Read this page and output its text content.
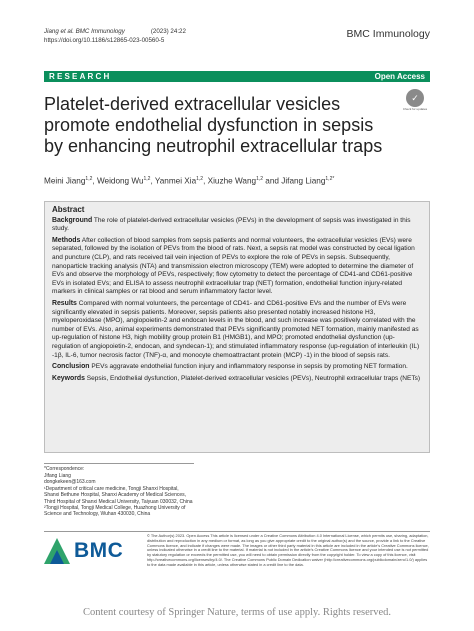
Jiang et al. BMC Immunology	(2023) 24:22
https://doi.org/10.1186/s12865-023-00560-5	BMC Immunology
RESEARCH	Open Access
✓
Check for updates
Platelet-derived extracellular vesicles promote endothelial dysfunction in sepsis by enhancing neutrophil extracellular traps
Meini Jiang$^{1,2}$, Weidong Wu$^{1,2}$, Yanmei Xia$^{1,2}$, Xiuzhe Wang$^{1,2}$ and Jifang Liang$^{1,2*}$
Abstract

Background The role of platelet-derived extracellular vesicles (PEVs) in the development of sepsis was investigated in this study.

Methods After collection of blood samples from sepsis patients and normal volunteers, the extracellular vesicles (EVs) were separated, followed by the isolation of PEVs from the blood of rats. Next, a sepsis rat model was constructed by cecal ligation and puncture (CLP), and rats received tail vein injection of PEVs to explore the role of PEVs in sepsis. Subsequently, nanoparticle tracking analysis (NTA) and transmission electron microscopy (TEM) were adopted to determine the diameter of EVs and observe the morphology of PEVs, respectively; flow cytometry to detect the percentage of CD41-and CD61-positive EVs in isolated EVs; and ELISA to assess neutrophil extracellular trap (NET) formation, endothelial function injury-related markers in clinical samples or rat blood and serum inflammatory factor level.

Results Compared with normal volunteers, the percentage of CD41- and CD61-positive EVs and the number of EVs were significantly elevated in sepsis patients. Moreover, sepsis patients also presented notably increased histone H3, myeloperoxidase (MPO), angiopoietin-2 and endocan levels in the blood, and such increase was positively correlated with the number of EVs. Also, animal experiments demonstrated that PEVs significantly promoted NET formation, mainly manifested as up-regulation of histone H3, high mobility group protein B1 (HMGB1), and MPO; promoted endothelial dysfunction (up-regulation of angiopoietin-2, endocan, and syndecan-1); and stimulated inflammatory response (up-regulation of interleukin (IL) -1β, IL-6, tumor necrosis factor (TNF)-α, and monocyte chemoattractant protein (MCP) -1) in the blood of sepsis rats.

Conclusion PEVs aggravate endothelial function injury and inflammatory response in sepsis by promoting NET formation.

Keywords Sepsis, Endothelial dysfunction, Platelet-derived extracellular vesicles (PEVs), Neutrophil extracellular traps (NETs)

*Correspondence:

Jifang Liang

dongkekeen@163.com

¹Department of critical care medicine, Tongji Shanxi Hospital, Shanxi Bethune Hospital, Shanxi Academy of Medical Sciences, Third Hospital of Shanxi Medical University, Taiyuan 030032, China

²Tongji Hospital, Tongji Medical College, Huazhong University of Science and Technology, Wuhan 430030, China

BMC
© The Author(s) 2023. Open Access This article is licensed under a Creative Commons Attribution 4.0 International License, which permits use, sharing, adaptation, distribution and reproduction in any medium or format, as long as you give appropriate credit to the original author(s) and the source, provide a link to the Creative Commons licence, and indicate if changes were made. The images or other third party material in this article are included in the article's Creative Commons licence, unless indicated otherwise in a credit line to the material. If material is not included in the article's Creative Commons licence and your intended use is not permitted by statutory regulation or exceeds the permitted use, you will need to obtain permission directly from the copyright holder. To view a copy of this licence, visit http://creativecommons.org/licenses/by/4.0/. The Creative Commons Public Domain Dedication waiver (http://creativecommons.org/publicdomain/zero/1.0/) applies to the data made available in this article, unless otherwise stated in a credit line to the data.
Content courtesy of Springer Nature, terms of use apply. Rights reserved.
